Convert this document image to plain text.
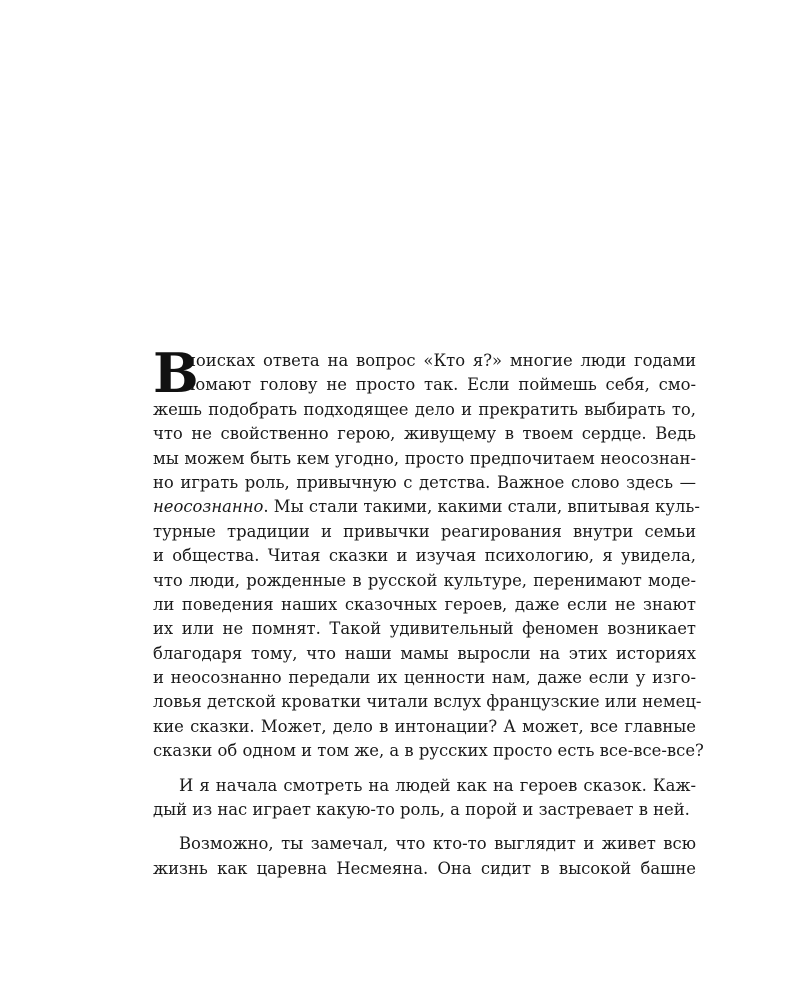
В
поисках ответа на вопрос «Кто я?» многие люди годами
ломают голову не просто так. Если поймешь себя, смо-
жешь подобрать подходящее дело и прекратить выбирать то,
что не свойственно герою, живущему в твоем сердце. Ведь
мы можем быть кем угодно, просто предпочитаем неосознан-
но играть роль, привычную с детства. Важное слово здесь —
неосознанно. Мы стали такими, какими стали, впитывая куль-
турные традиции и привычки реагирования внутри семьи
и общества. Читая сказки и изучая психологию, я увидела,
что люди, рожденные в русской культуре, перенимают моде-
ли поведения наших сказочных героев, даже если не знают
их или не помнят. Такой удивительный феномен возникает
благодаря тому, что наши мамы выросли на этих историях
и неосознанно передали их ценности нам, даже если у изго-
ловья детской кроватки читали вслух французские или немец-
кие сказки. Может, дело в интонации? А может, все главные
сказки об одном и том же, а в русских просто есть все-все-все?
И я начала смотреть на людей как на героев сказок. Каж-
дый из нас играет какую-то роль, а порой и застревает в ней.
Возможно, ты замечал, что кто-то выглядит и живет всю
жизнь как царевна Несмеяна. Она сидит в высокой башне
